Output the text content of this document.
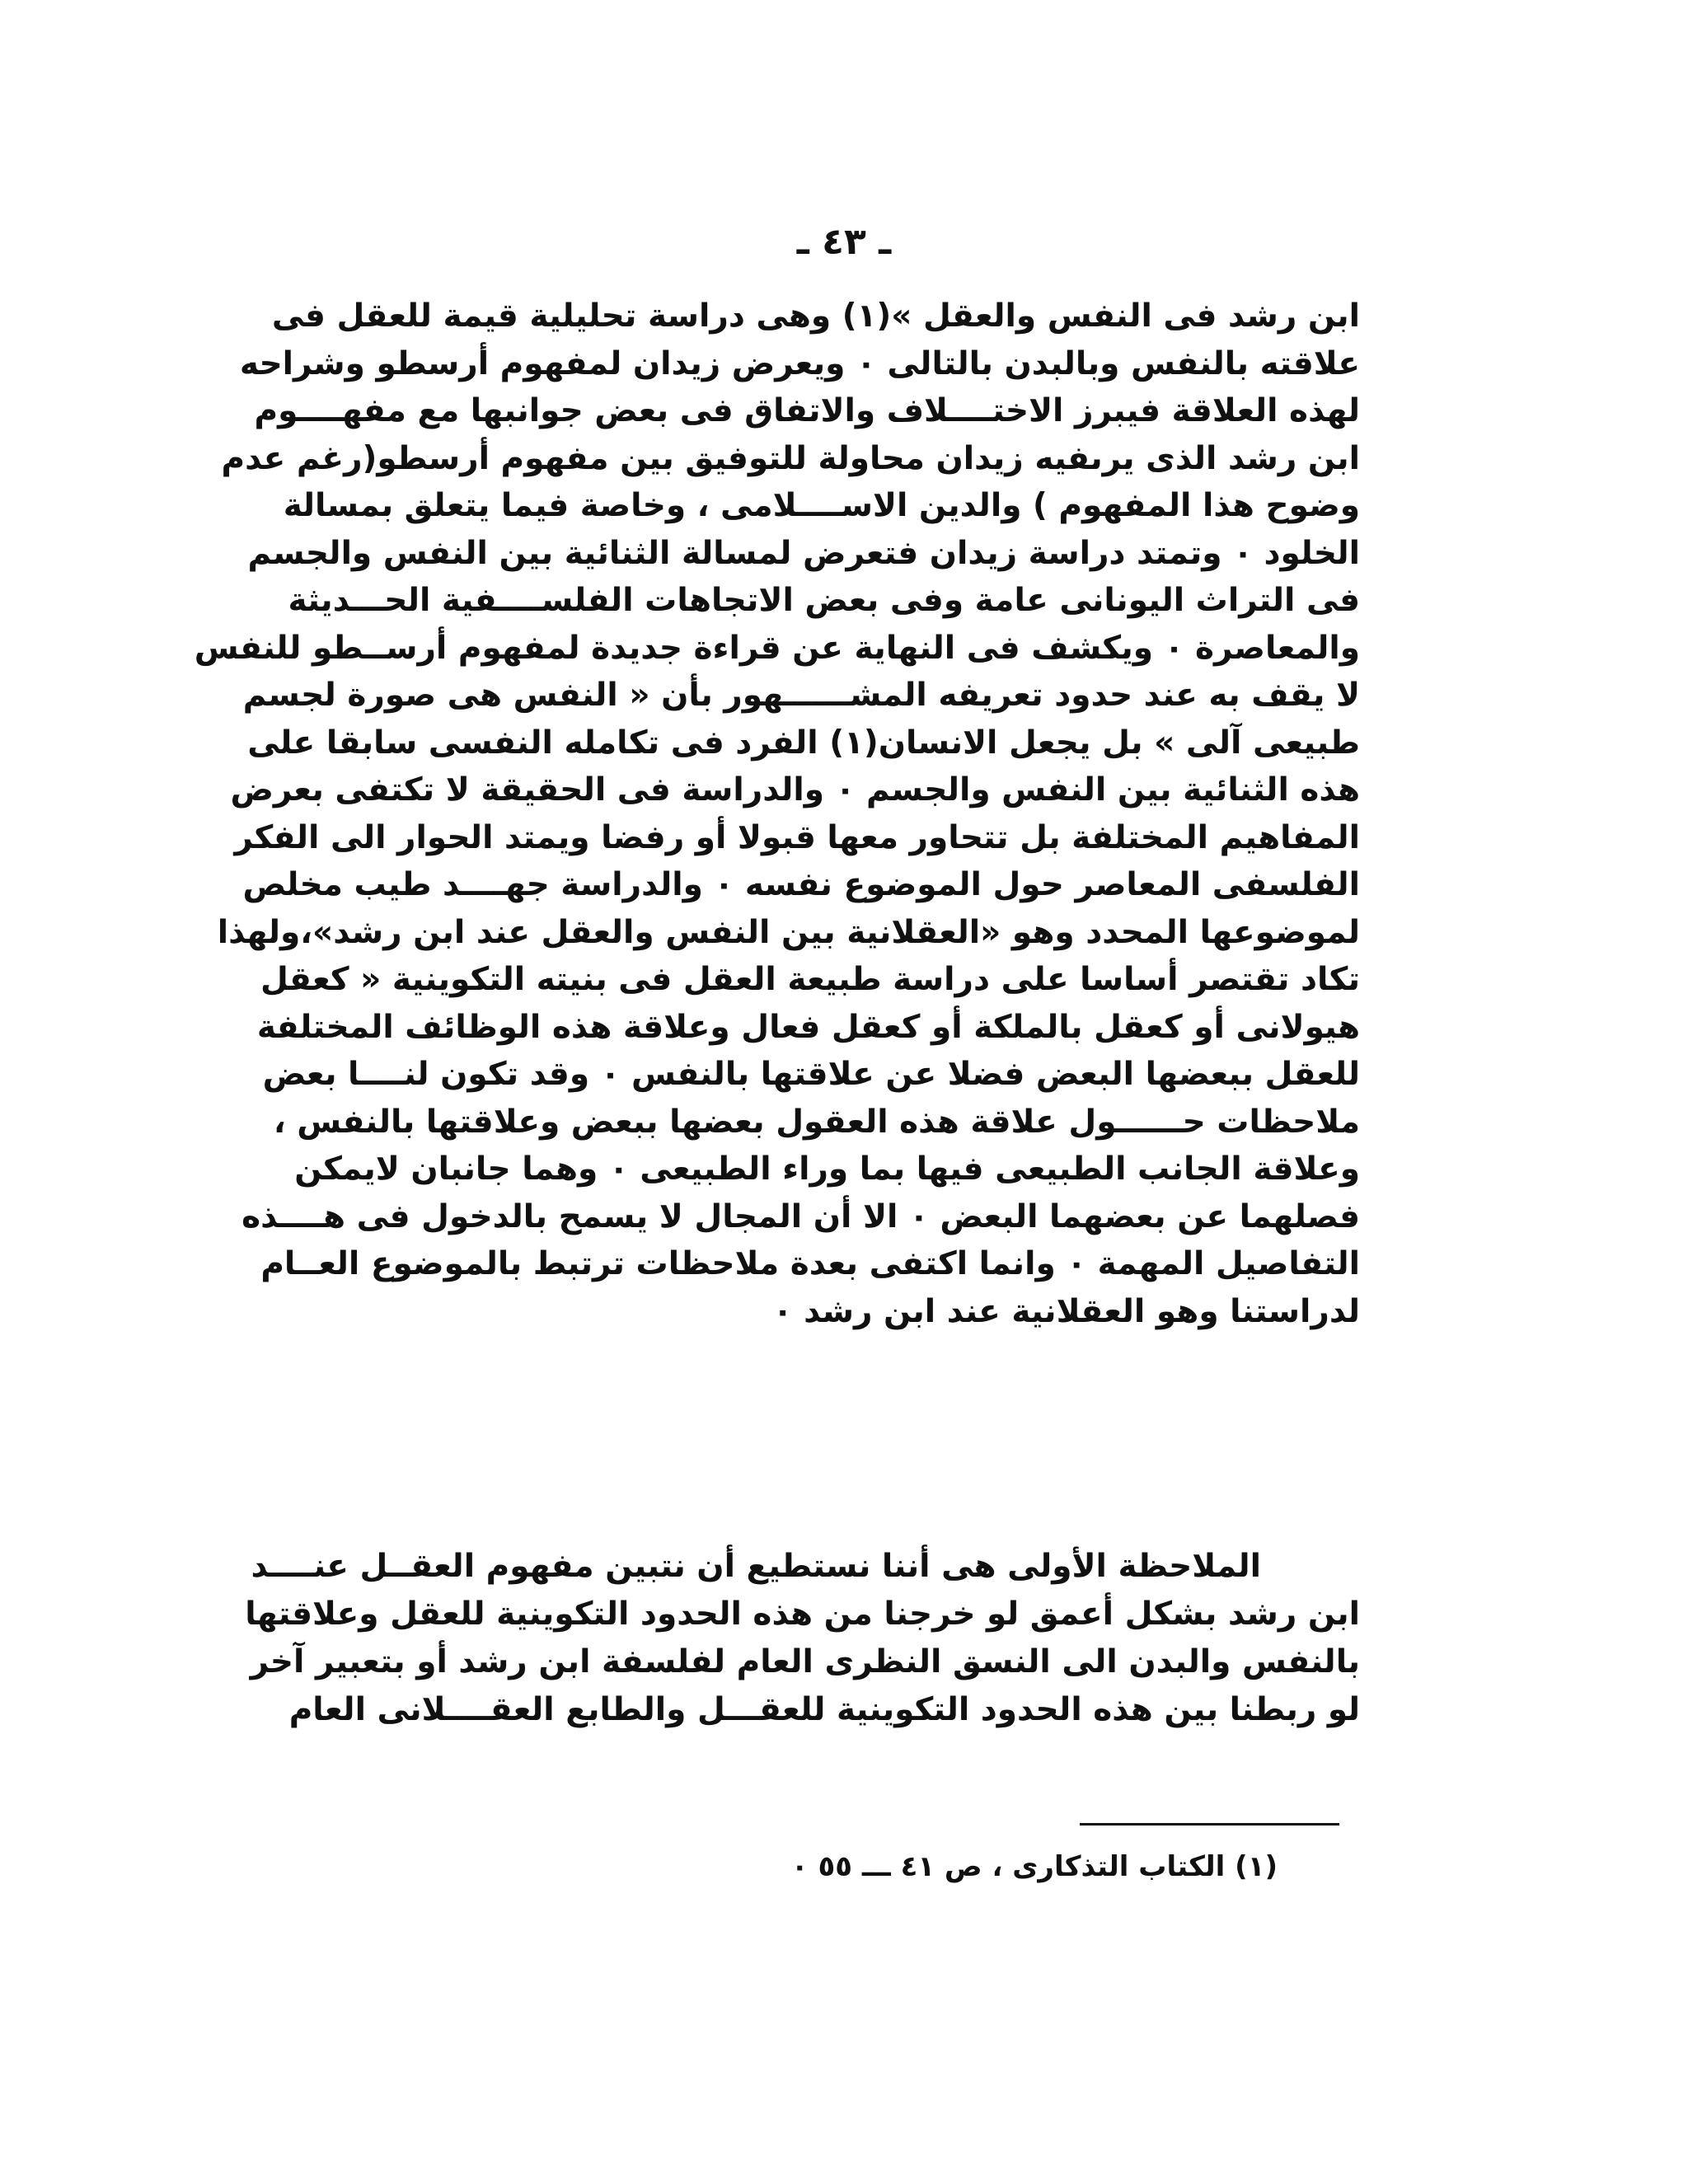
ـ ٤٣ ـ
ابن رشد فى النفس والعقل »(١) وهى دراسة تحليلية قيمة للعقل فى
علاقته بالنفس وبالبدن بالتالى ٠ ويعرض زيدان لمفهوم أرسطو وشراحه
لهذه العلاقة فيبرز الاختــــلاف والاتفاق فى بعض جوانبها مع مفهــــوم
ابن رشد الذى يرىفيه زيدان محاولة للتوفيق بين مفهوم أرسطو(رغم عدم
وضوح هذا المفهوم ) والدين الاســــلامى ، وخاصة فيما يتعلق بمسالة
الخلود ٠ وتمتد دراسة زيدان فتعرض لمسالة الثنائية بين النفس والجسم
فى التراث اليونانى عامة وفى بعض الاتجاهات الفلســــفية الحـــديثة
والمعاصرة ٠ ويكشف فى النهاية عن قراءة جديدة لمفهوم أرســطو للنفس
لا يقف به عند حدود تعريفه المشــــــهور بأن « النفس هى صورة لجسم
طبيعى آلى » بل يجعل الانسان(١) الفرد فى تكامله النفسى سابقا على
هذه الثنائية بين النفس والجسم ٠ والدراسة فى الحقيقة لا تكتفى بعرض
المفاهيم المختلفة بل تتحاور معها قبولا أو رفضا ويمتد الحوار الى الفكر
الفلسفى المعاصر حول الموضوع نفسه ٠ والدراسة جهــــد طيب مخلص
لموضوعها المحدد وهو «العقلانية بين النفس والعقل عند ابن رشد»،ولهذا
تكاد تقتصر أساسا على دراسة طبيعة العقل فى بنيته التكوينية « كعقل
هيولانى أو كعقل بالملكة أو كعقل فعال وعلاقة هذه الوظائف المختلفة
للعقل ببعضها البعض فضلا عن علاقتها بالنفس ٠ وقد تكون لنــــا بعض
ملاحظات حــــــول علاقة هذه العقول بعضها ببعض وعلاقتها بالنفس ،
وعلاقة الجانب الطبيعى فيها بما وراء الطبيعى ٠ وهما جانبان لايمكن
فصلهما عن بعضهما البعض ٠ الا أن المجال لا يسمح بالدخول فى هــــذه
التفاصيل المهمة ٠ وانما اكتفى بعدة ملاحظات ترتبط بالموضوع العــام
لدراستنا وهو العقلانية عند ابن رشد ٠
الملاحظة الأولى هى أننا نستطيع أن نتبين مفهوم العقــل عنــــد
ابن رشد بشكل أعمق لو خرجنا من هذه الحدود التكوينية للعقل وعلاقتها
بالنفس والبدن الى النسق النظرى العام لفلسفة ابن رشد أو بتعبير آخر
لو ربطنا بين هذه الحدود التكوينية للعقـــل والطابع العقــــلانى العام
(١) الكتاب التذكارى ، ص ٤١ ـــ ٥٥ ٠
